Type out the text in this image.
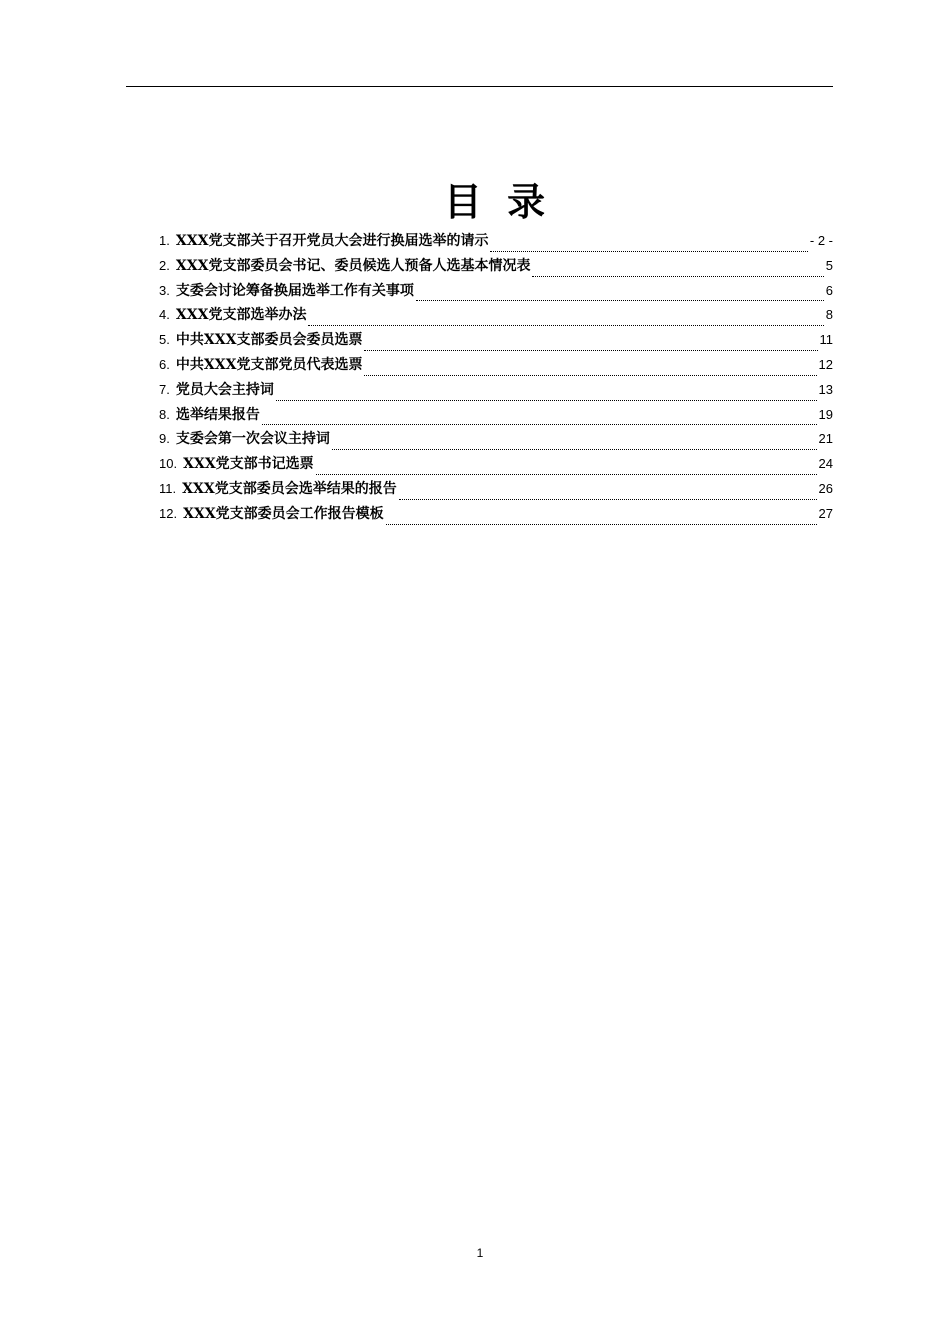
目 录
1 . XXX党支部关于召开党员大会进行换届选举的请示	- 2 -
2 . XXX党支部委员会书记、委员候选人预备人选基本情况表	5
3 . 支委会讨论筹备换届选举工作有关事项	6
4 . XXX党支部选举办法	8
5 . 中共XXX支部委员会委员选票	11
6 . 中共XXX党支部党员代表选票	12
7 . 党员大会主持词	13
8 . 选举结果报告	19
9 . 支委会第一次会议主持词	21
10 . XXX党支部书记选票	24
11 . XXX党支部委员会选举结果的报告	26
12 . XXX党支部委员会工作报告模板	27
1
